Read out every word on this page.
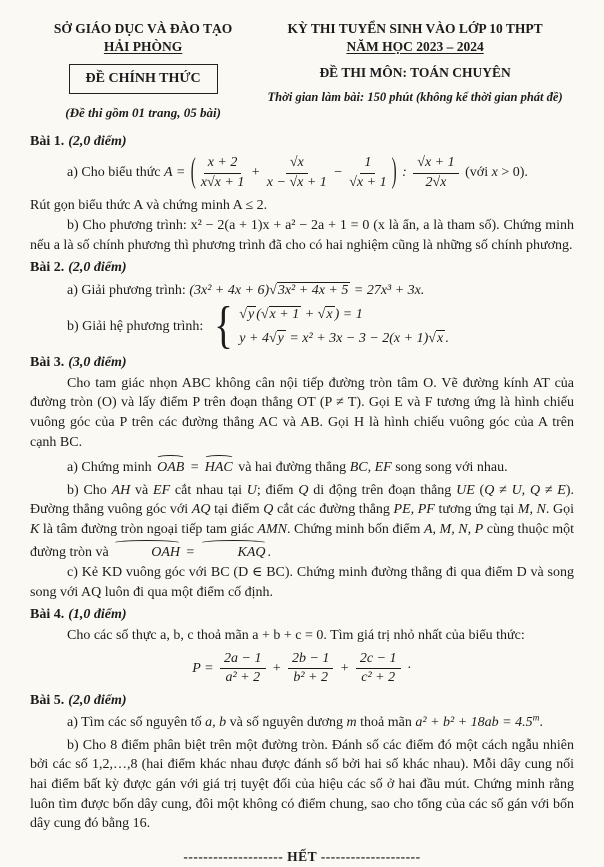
SỞ GIÁO DỤC VÀ ĐÀO TẠO
HẢI PHÒNG
ĐỀ CHÍNH THỨC
(Đề thi gồm 01 trang, 05 bài)
KỲ THI TUYỂN SINH VÀO LỚP 10 THPT
NĂM HỌC 2023 – 2024
ĐỀ THI MÔN: TOÁN CHUYÊN
Thời gian làm bài: 150 phút (không kể thời gian phát đề)
Bài 1. (2,0 điểm)
a) Cho biểu thức A = ( $\frac{x + 2}{x√x + 1} + \frac{√x}{x - √x + 1} - \frac{1}{√x + 1}$ ) : $\frac{√x + 1}{2√x}$ (với x > 0).

Rút gọn biểu thức A và chứng minh A ≤ 2.

b) Cho phương trình: x² − 2(a + 1)x + a² − 2a + 1 = 0 (x là ẩn, a là tham số). Chứng minh nếu a là số chính phương thì phương trình đã cho có hai nghiệm cũng là những số chính phương.

Bài 2. (2,0 điểm)
a) Giải phương trình: (3x² + 4x + 6)√3x² + 4x + 5 = 27x³ + 3x.
b) Giải hệ phương trình: { √y (√x + 1 + √x ) = 1
y + 4√y = x² + 3x − 3 − 2(x + 1)√x .
Bài 3. (3,0 điểm)

Cho tam giác nhọn ABC không cân nội tiếp đường tròn tâm O. Vẽ đường kính AT của đường tròn (O) và lấy điểm P trên đoạn thẳng OT (P ≠ T). Gọi E và F tương ứng là hình chiếu vuông góc của P trên các đường thẳng AC và AB. Gọi H là hình chiếu vuông góc của A trên cạnh BC.

a) Chứng minh OAB = HAC và hai đường thẳng BC, EF song song với nhau.

b) Cho AH và EF cắt nhau tại U; điểm Q di động trên đoạn thẳng UE (Q ≠ U, Q ≠ E). Đường thẳng vuông góc với AQ tại điểm Q cắt các đường thẳng PE, PF tương ứng tại M, N. Gọi K là tâm đường tròn ngoại tiếp tam giác AMN. Chứng minh bốn điểm A, M, N, P cùng thuộc một đường tròn và	OAH =	KAQ .

c) Kẻ KD vuông góc với BC (D ∈ BC). Chứng minh đường thẳng đi qua điểm D và song song với AQ luôn đi qua một điểm cố định.

Bài 4. (1,0 điểm)

Cho các số thực a, b, c thoả mãn a + b + c = 0. Tìm giá trị nhỏ nhất của biểu thức:

$P = \frac{2a - 1}{\text{a² + 2}} + \frac{2b - 1}{\text{b² + 2}} + \frac{2c - 1}{\text{c² + 2}}$ ·
Bài 5. (2,0 điểm)
a) Tìm các số nguyên tố a, b và số nguyên dương m thoả mãn $a^2 + b^2 + 18ab = 4.5^m$.

b) Cho 8 điểm phân biệt trên một đường tròn. Đánh số các điểm đó một cách ngẫu nhiên bởi các số 1,2,…,8 (hai điểm khác nhau được đánh số bởi hai số khác nhau). Mỗi dây cung nối hai điểm bất kỳ được gán với giá trị tuyệt đối của hiệu các số ở hai đầu mút. Chứng minh rằng luôn tìm được bốn dây cung, đôi một không có điểm chung, sao cho tổng của các số gán với bốn dây cung đó bằng 16.

-------------------- HẾT --------------------
